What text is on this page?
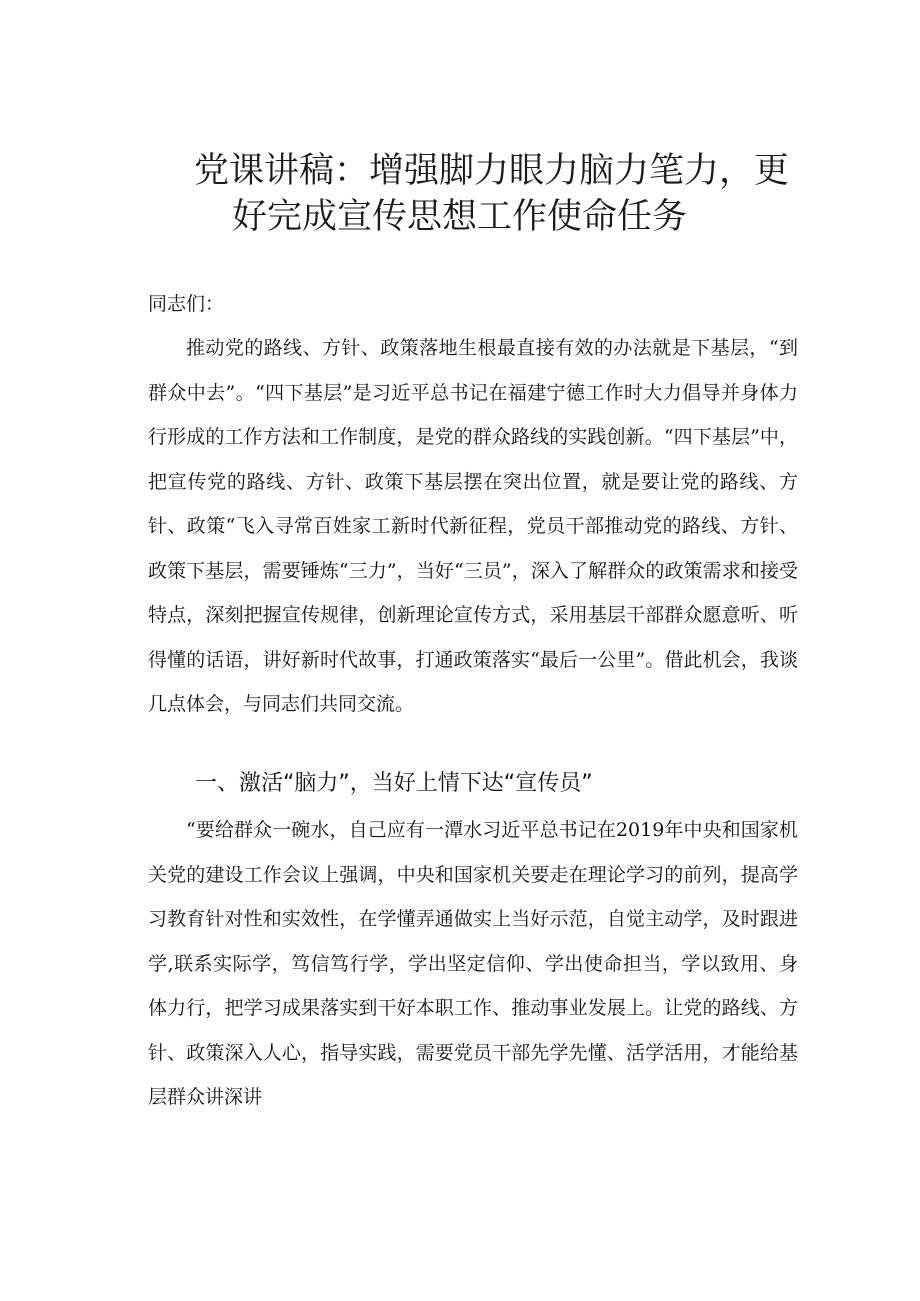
党课讲稿：增强脚力眼力脑力笔力，更
好完成宣传思想工作使命任务

同志们：

推动党的路线、方针、政策落地生根最直接有效的办法就是下基层，“到群众中去”。“四下基层”是习近平总书记在福建宁德工作时大力倡导并身体力行形成的工作方法和工作制度，是党的群众路线的实践创新。“四下基层”中，把宣传党的路线、方针、政策下基层摆在突出位置，就是要让党的路线、方针、政策“飞入寻常百姓家工新时代新征程，党员干部推动党的路线、方针、政策下基层，需要锤炼“三力”，当好“三员”，深入了解群众的政策需求和接受特点，深刻把握宣传规律，创新理论宣传方式，采用基层干部群众愿意听、听得懂的话语，讲好新时代故事，打通政策落实“最后一公里”。借此机会，我谈几点体会，与同志们共同交流。

一、激活“脑力”，当好上情下达“宣传员”

“要给群众一碗水，自己应有一潭水习近平总书记在2019年中央和国家机关党的建设工作会议上强调，中央和国家机关要走在理论学习的前列，提高学习教育针对性和实效性，在学懂弄通做实上当好示范，自觉主动学，及时跟进学,联系实际学，笃信笃行学，学出坚定信仰、学出使命担当，学以致用、身体力行，把学习成果落实到干好本职工作、推动事业发展上。让党的路线、方针、政策深入人心，指导实践，需要党员干部先学先懂、活学活用，才能给基层群众讲深讲
